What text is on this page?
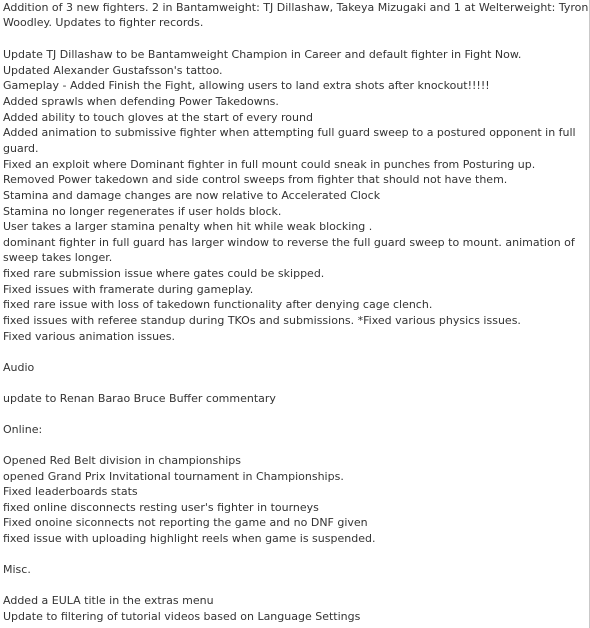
Addition of 3 new fighters. 2 in Bantamweight: TJ Dillashaw, Takeya Mizugaki and 1 at Welterweight: Tyron

Woodley. Updates to fighter records.

Update TJ Dillashaw to be Bantamweight Champion in Career and default fighter in Fight Now.

Updated Alexander Gustafsson's tattoo.

Gameplay - Added Finish the Fight, allowing users to land extra shots after knockout!!!!!

Added sprawls when defending Power Takedowns.

Added ability to touch gloves at the start of every round

Added animation to submissive fighter when attempting full guard sweep to a postured opponent in full

guard.

Fixed an exploit where Dominant fighter in full mount could sneak in punches from Posturing up.

Removed Power takedown and side control sweeps from fighter that should not have them.

Stamina and damage changes are now relative to Accelerated Clock

Stamina no longer regenerates if user holds block.

User takes a larger stamina penalty when hit while weak blocking .

dominant fighter in full guard has larger window to reverse the full guard sweep to mount. animation of

sweep takes longer.

fixed rare submission issue where gates could be skipped.

Fixed issues with framerate during gameplay.

fixed rare issue with loss of takedown functionality after denying cage clench.

fixed issues with referee standup during TKOs and submissions. *Fixed various physics issues.

Fixed various animation issues.

Audio

update to Renan Barao Bruce Buffer commentary

Online:

Opened Red Belt division in championships

opened Grand Prix Invitational tournament in Championships.

Fixed leaderboards stats

fixed online disconnects resting user's fighter in tourneys

Fixed onoine siconnects not reporting the game and no DNF given

fixed issue with uploading highlight reels when game is suspended.

Misc.

Added a EULA title in the extras menu

Update to filtering of tutorial videos based on Language Settings
